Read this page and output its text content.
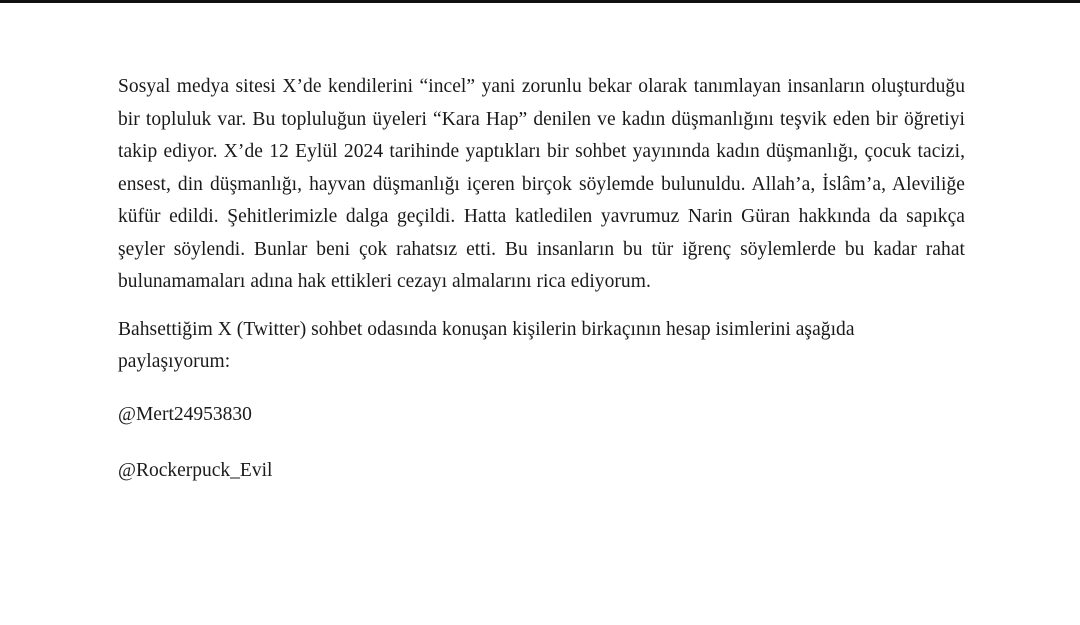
Sosyal medya sitesi X’de kendilerini “incel” yani zorunlu bekar olarak tanımlayan insanların oluşturduğu bir topluluk var. Bu topluluğun üyeleri “Kara Hap” denilen ve kadın düşmanlığını teşvik eden bir öğretiyi takip ediyor. X’de 12 Eylül 2024 tarihinde yaptıkları bir sohbet yayınında kadın düşmanlığı, çocuk tacizi, ensest, din düşmanlığı, hayvan düşmanlığı içeren birçok söylemde bulunuldu. Allah’a, İslâm’a, Aleviliğe küfür edildi. Şehitlerimizle dalga geçildi. Hatta katledilen yavrumuz Narin Güran hakkında da sapıkça şeyler söylendi. Bunlar beni çok rahatsız etti. Bu insanların bu tür iğrenç söylemlerde bu kadar rahat bulunamamaları adına hak ettikleri cezayı almalarını rica ediyorum.

Bahsettiğim X (Twitter) sohbet odasında konuşan kişilerin birkaçının hesap isimlerini aşağıda paylaşıyorum:

@Mert24953830

@Rockerpuck_Evil
